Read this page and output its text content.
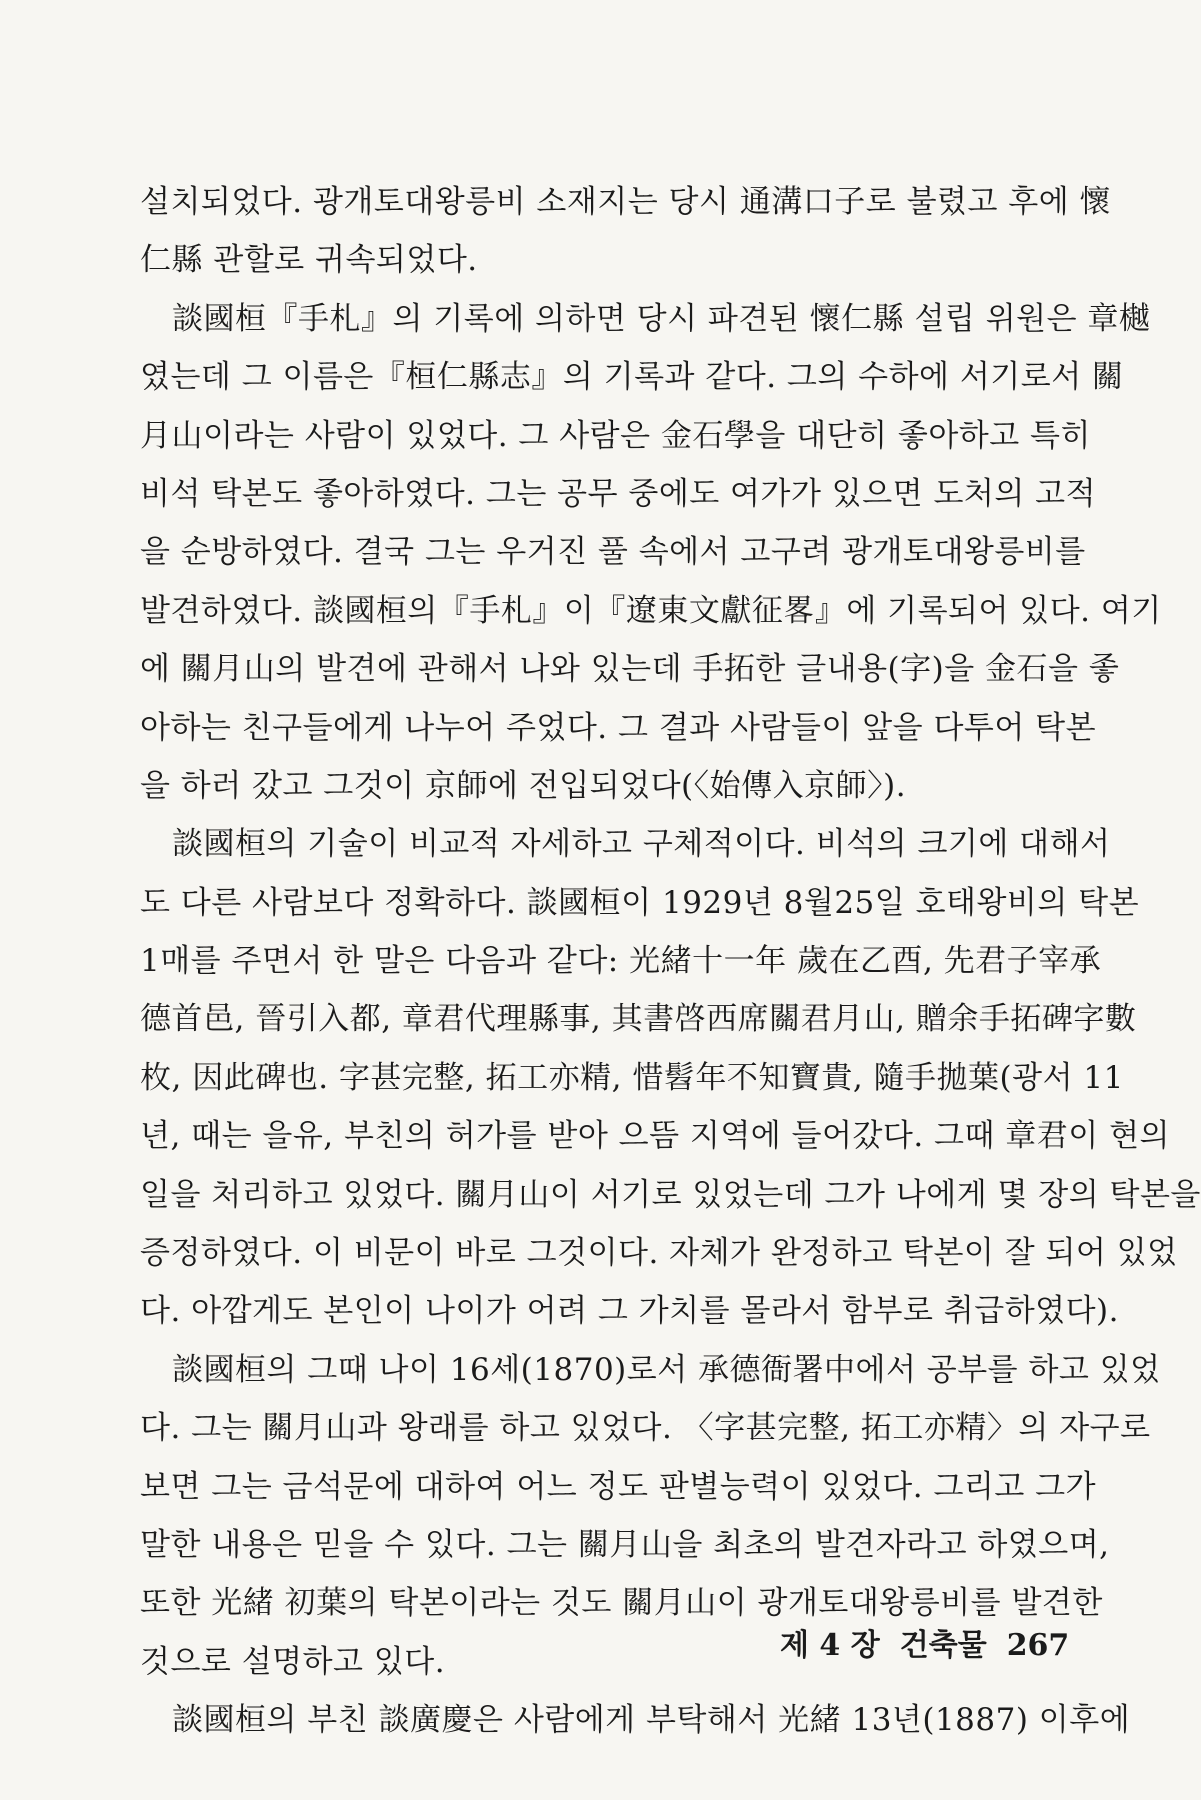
설치되었다. 광개토대왕릉비 소재지는 당시 通溝口子로 불렸고 후에 懷
仁縣 관할로 귀속되었다.
談國桓『手札』의 기록에 의하면 당시 파견된 懷仁縣 설립 위원은 章樾
였는데 그 이름은『桓仁縣志』의 기록과 같다. 그의 수하에 서기로서 關
月山이라는 사람이 있었다. 그 사람은 金石學을 대단히 좋아하고 특히
비석 탁본도 좋아하였다. 그는 공무 중에도 여가가 있으면 도처의 고적
을 순방하였다. 결국 그는 우거진 풀 속에서 고구려 광개토대왕릉비를
발견하였다. 談國桓의『手札』이『遼東文獻征畧』에 기록되어 있다. 여기
에 關月山의 발견에 관해서 나와 있는데 手拓한 글내용(字)을 金石을 좋
아하는 친구들에게 나누어 주었다. 그 결과 사람들이 앞을 다투어 탁본
을 하러 갔고 그것이 京師에 전입되었다(〈始傳入京師〉).
談國桓의 기술이 비교적 자세하고 구체적이다. 비석의 크기에 대해서
도 다른 사람보다 정확하다. 談國桓이 1929년 8월25일 호태왕비의 탁본
1매를 주면서 한 말은 다음과 같다: 光緒十一年 歲在乙酉, 先君子宰承
德首邑, 晉引入都, 章君代理縣事, 其書啓西席關君月山, 贈余手拓碑字數
枚, 因此碑也. 字甚完整, 拓工亦精, 惜髫年不知寶貴, 隨手拋葉(광서 11
년, 때는 을유, 부친의 허가를 받아 으뜸 지역에 들어갔다. 그때 章君이 현의
일을 처리하고 있었다. 關月山이 서기로 있었는데 그가 나에게 몇 장의 탁본을
증정하였다. 이 비문이 바로 그것이다. 자체가 완정하고 탁본이 잘 되어 있었
다. 아깝게도 본인이 나이가 어려 그 가치를 몰라서 함부로 취급하였다).
談國桓의 그때 나이 16세(1870)로서 承德衙署中에서 공부를 하고 있었
다. 그는 關月山과 왕래를 하고 있었다. 〈字甚完整, 拓工亦精〉의 자구로
보면 그는 금석문에 대하여 어느 정도 판별능력이 있었다. 그리고 그가
말한 내용은 믿을 수 있다. 그는 關月山을 최초의 발견자라고 하였으며,
또한 光緒 初葉의 탁본이라는 것도 關月山이 광개토대왕릉비를 발견한
것으로 설명하고 있다.
談國桓의 부친 談廣慶은 사람에게 부탁해서 光緒 13년(1887) 이후에
제 4 장 건축물 267
